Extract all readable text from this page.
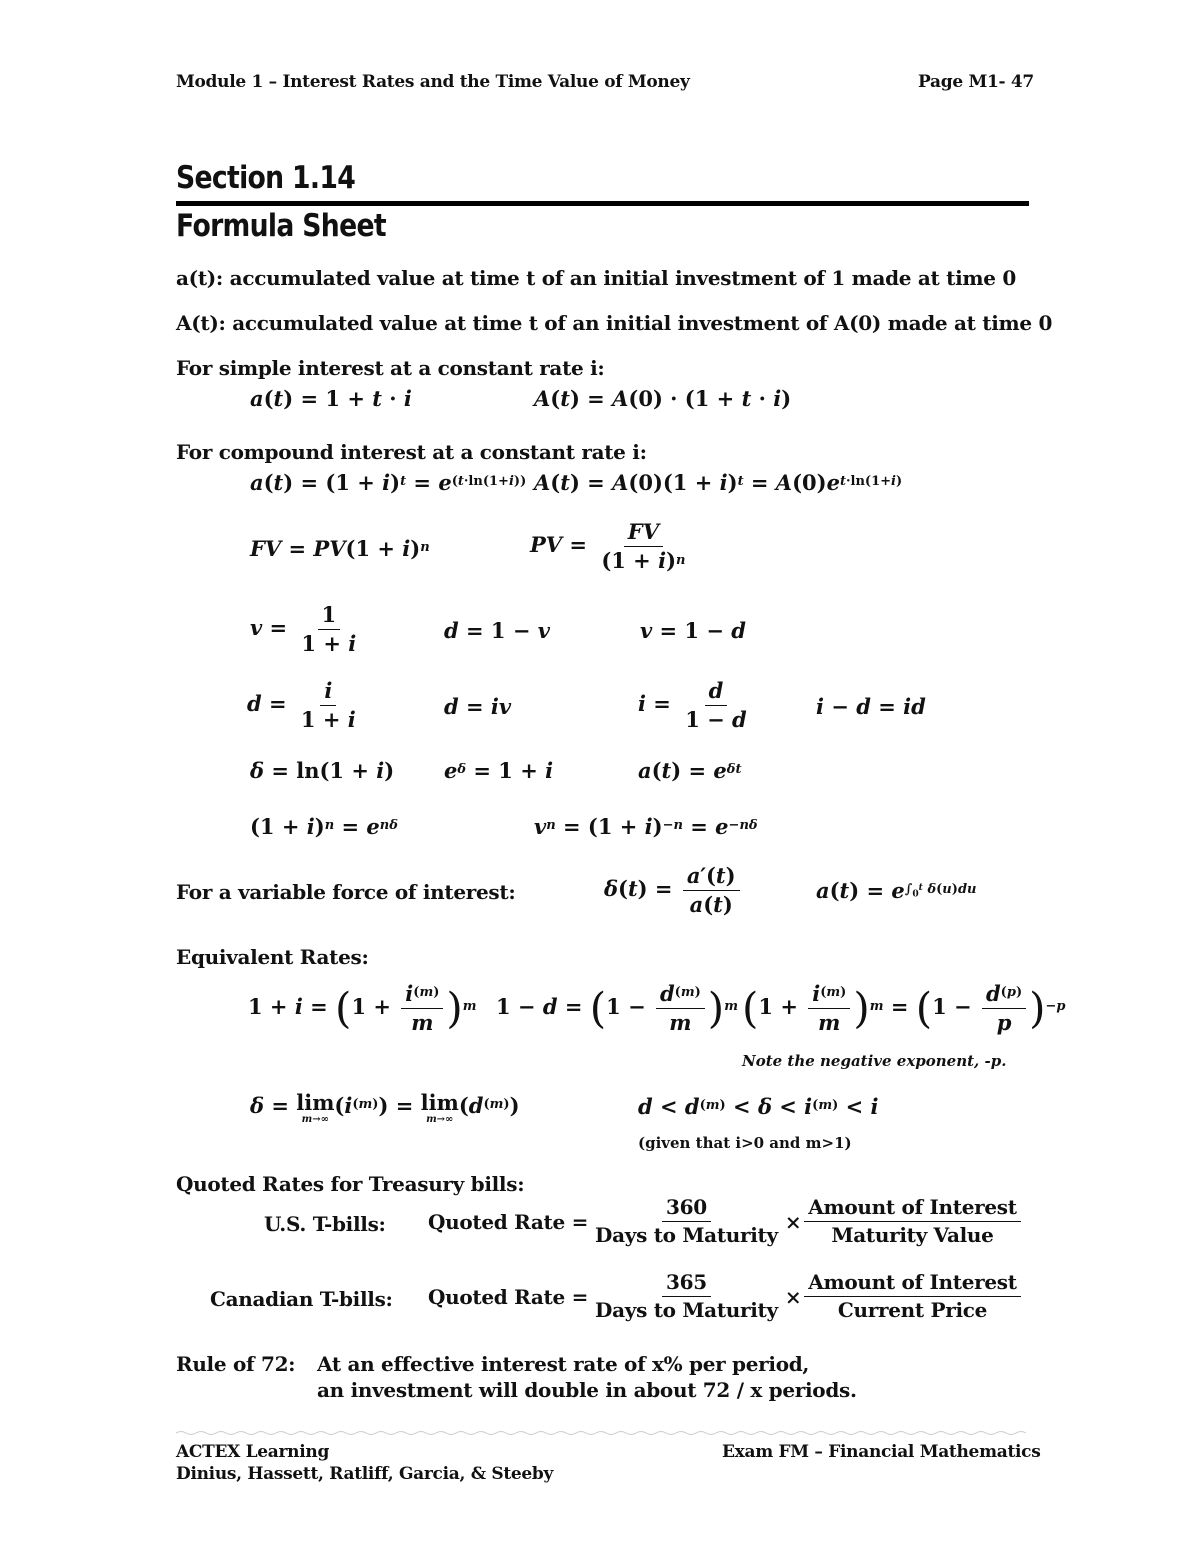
Module 1 – Interest Rates and the Time Value of Money	Page M1- 47
Section 1.14
Formula Sheet
a(t): accumulated value at time t of an initial investment of 1 made at time 0
A(t): accumulated value at time t of an initial investment of A(0) made at time 0
For simple interest at a constant rate i:
a(t) = 1 + t · i	A(t) = A(0) · (1 + t · i)
For compound interest at a constant rate i:
$a(t) = (1 + i)^t = e^{(t\cdot ln(1+i))}$ $A(t) = A(0)(1 + i)^t = A(0)e^{t\cdot ln(1+i)}$
FV = $PV(1 + i)^n$	PV = $\frac{FV}{(1 + i)^n}$
$v = \frac{1}{1 + i}$	d = 1 − v	v = 1 − d
$d = \frac{i}{1 + i}$	d = iv	$i = \frac{d}{1 - d}$	i − d = id
δ = ln(1 + i) $e^\delta = 1 + i$	$a(t) = e^{\delta t}$
$(1 + i)^n = e^{n\delta}$	$v^n = (1 + i)^{-n} = e^{-n\delta}$
For a variable force of interest:	$\delta(t) = \frac{a'(t)}{a(t)}$	$a(t) = e^{\int_0^t \delta(u)du}$
Equivalent Rates:
$1 + i = (1 + \frac{i^{(m)}}{m} )^m$ $1 - d = (1 - \frac{d^{(m)}}{m} )^m$ $(1 + \frac{i^{(m)}}{m} )^m = (1 - \frac{d^{(p)}}{p} )^{-p}$
Note the negative exponent, -p.
δ = lim
m→∞
$(i^{(m)}) = \lim$
m→∞
$(d^{(m)})$	$d < d^{(m)} < \delta < i^{(m)} < i$
(given that i>0 and m>1)
Quoted Rates for Treasury bills:
U.S. T-bills: Quoted Rate = $\frac{360}{\text{Days to Maturity}} \times \frac{\text{Amount of Interest}}{\text{Maturity Value}}$
Canadian T-bills: Quoted Rate = $\frac{365}{\text{Days to Maturity}} \times \frac{\text{Amount of Interest}}{\text{Current Price}}$
Rule of 72: At an effective interest rate of x% per period,
an investment will double in about 72 / x periods.
ACTEX Learning
Dinius, Hassett, Ratliff, Garcia, & Steeby
Exam FM – Financial Mathematics
